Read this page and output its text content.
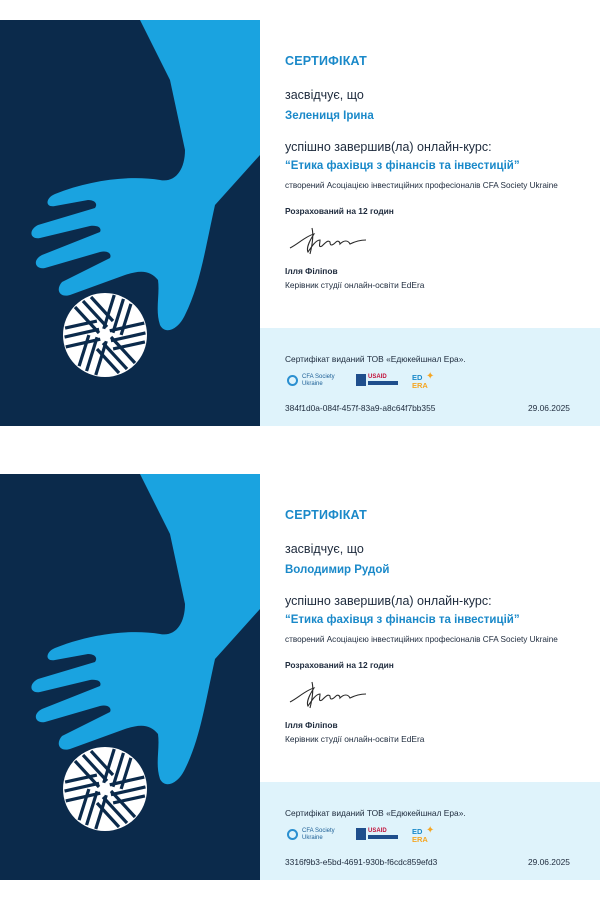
СЕРТИФІКАТ
засвідчує, що
Зелениця Ірина
успішно завершив(ла) онлайн-курс:
“Етика фахівця з фінансів та інвестицій”
створений Асоціацією інвестиційних професіоналів CFA Society Ukraine
Розрахований на 12 годин
Ілля Філіпов
Керівник студії онлайн-освіти EdEra
Сертифікат виданий ТОВ «Едюкейшнал Ера».
CFA Society Ukraine
USAID	ED
ERA
✦
384f1d0a-084f-457f-83a9-a8c64f7bb355	29.06.2025
СЕРТИФІКАТ
засвідчує, що
Володимир Рудой
успішно завершив(ла) онлайн-курс:
“Етика фахівця з фінансів та інвестицій”
створений Асоціацією інвестиційних професіоналів CFA Society Ukraine
Розрахований на 12 годин
Ілля Філіпов
Керівник студії онлайн-освіти EdEra
Сертифікат виданий ТОВ «Едюкейшнал Ера».
CFA Society Ukraine
USAID	ED
ERA
✦
3316f9b3-e5bd-4691-930b-f6cdc859efd3	29.06.2025
